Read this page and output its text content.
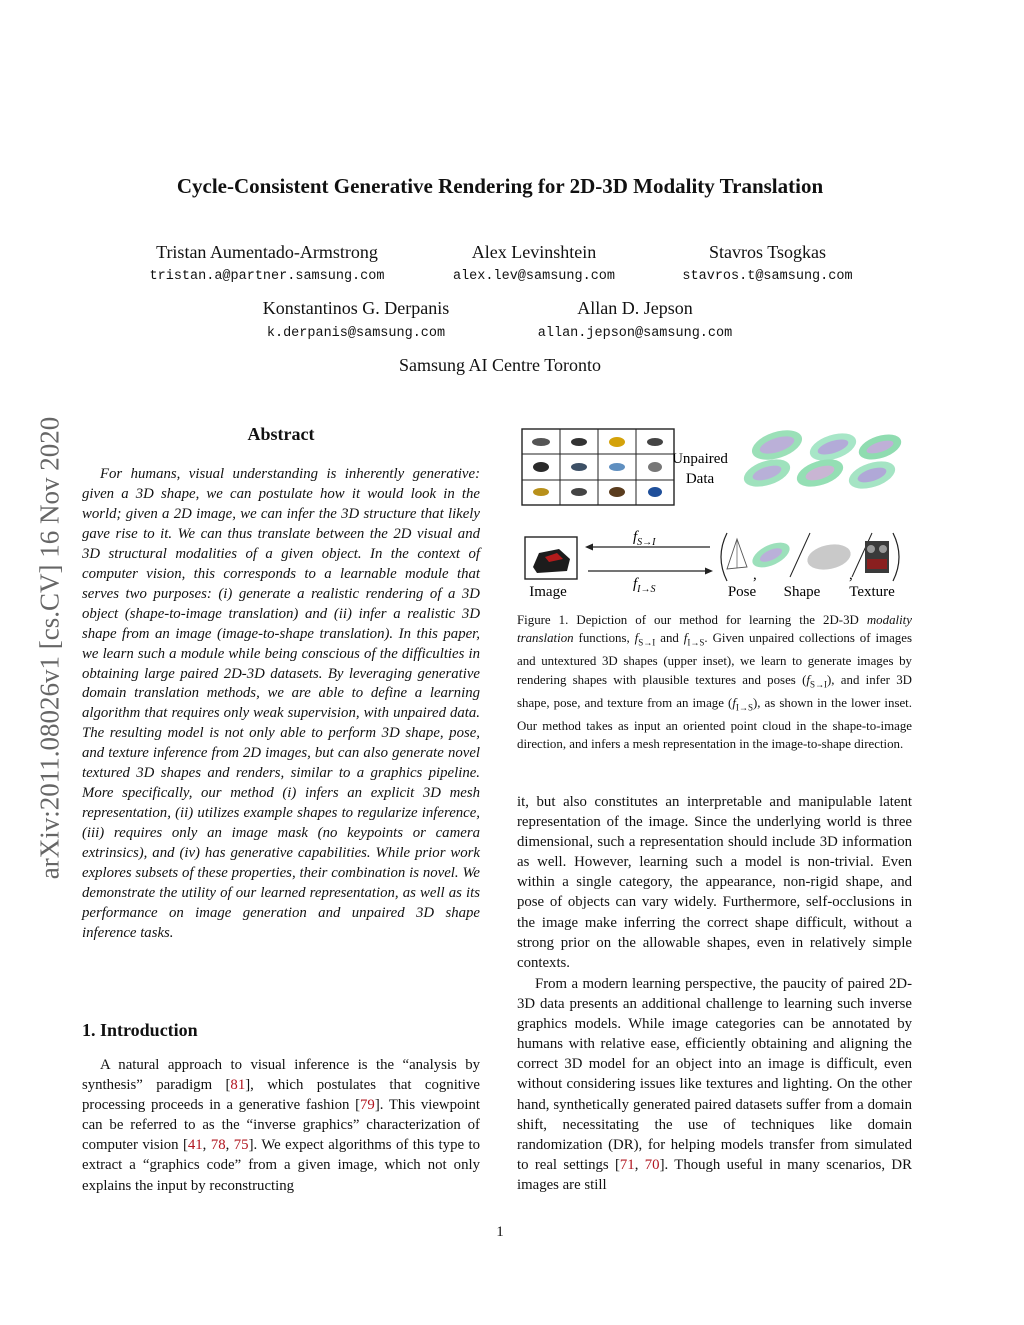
arXiv:2011.08026v1 [cs.CV] 16 Nov 2020
Cycle-Consistent Generative Rendering for 2D-3D Modality Translation
Tristan Aumentado-Armstrong
tristan.a@partner.samsung.com
Alex Levinshtein
alex.lev@samsung.com
Stavros Tsogkas
stavros.t@samsung.com
Konstantinos G. Derpanis
k.derpanis@samsung.com
Allan D. Jepson
allan.jepson@samsung.com
Samsung AI Centre Toronto
Abstract

For humans, visual understanding is inherently generative: given a 3D shape, we can postulate how it would look in the world; given a 2D image, we can infer the 3D structure that likely gave rise to it. We can thus translate between the 2D visual and 3D structural modalities of a given object. In the context of computer vision, this corresponds to a learnable module that serves two purposes: (i) generate a realistic rendering of a 3D object (shape-to-image translation) and (ii) infer a realistic 3D shape from an image (image-to-shape translation). In this paper, we learn such a module while being conscious of the difficulties in obtaining large paired 2D-3D datasets. By leveraging generative domain translation methods, we are able to define a learning algorithm that requires only weak supervision, with unpaired data. The resulting model is not only able to perform 3D shape, pose, and texture inference from 2D images, but can also generate novel textured 3D shapes and renders, similar to a graphics pipeline. More specifically, our method (i) infers an explicit 3D mesh representation, (ii) utilizes example shapes to regularize inference, (iii) requires only an image mask (no keypoints or camera extrinsics), and (iv) has generative capabilities. While prior work explores subsets of these properties, their combination is novel. We demonstrate the utility of our learned representation, as well as its performance on image generation and unpaired 3D shape inference tasks.

1. Introduction

A natural approach to visual inference is the “analysis by synthesis” paradigm [81], which postulates that cognitive processing proceeds in a generative fashion [79]. This viewpoint can be referred to as the “inverse graphics” characterization of computer vision [41, 78, 75]. We expect algorithms of this type to extract a “graphics code” from a given image, which not only explains the input by reconstructing

Unpaired
Data
Image
$f_{S\to I}$
$f_{I\to S}$
,	,
Pose Shape Texture

Figure 1. Depiction of our method for learning the 2D-3D modality translation functions, $f_{S\to I}$ and $f_{I\to S}$. Given unpaired collections of images and untextured 3D shapes (upper inset), we learn to generate images by rendering shapes with plausible textures and poses $(f_{S\to I})$, and infer 3D shape, pose, and texture from an image $(f_{I\to S})$, as shown in the lower inset. Our method takes as input an oriented point cloud in the shape-to-image direction, and infers a mesh representation in the image-to-shape direction.

it, but also constitutes an interpretable and manipulable latent representation of the image. Since the underlying world is three dimensional, such a representation should include 3D information as well. However, learning such a model is non-trivial. Even within a single category, the appearance, non-rigid shape, and pose of objects can vary widely. Furthermore, self-occlusions in the image make inferring the correct shape difficult, without a strong prior on the allowable shapes, even in relatively simple contexts.

From a modern learning perspective, the paucity of paired 2D-3D data presents an additional challenge to learning such inverse graphics models. While image categories can be annotated by humans with relative ease, efficiently obtaining and aligning the correct 3D model for an object into an image is difficult, even without considering issues like textures and lighting. On the other hand, synthetically generated paired datasets suffer from a domain shift, necessitating the use of techniques like domain randomization (DR), for helping models transfer from simulated to real settings [71, 70]. Though useful in many scenarios, DR images are still

1
